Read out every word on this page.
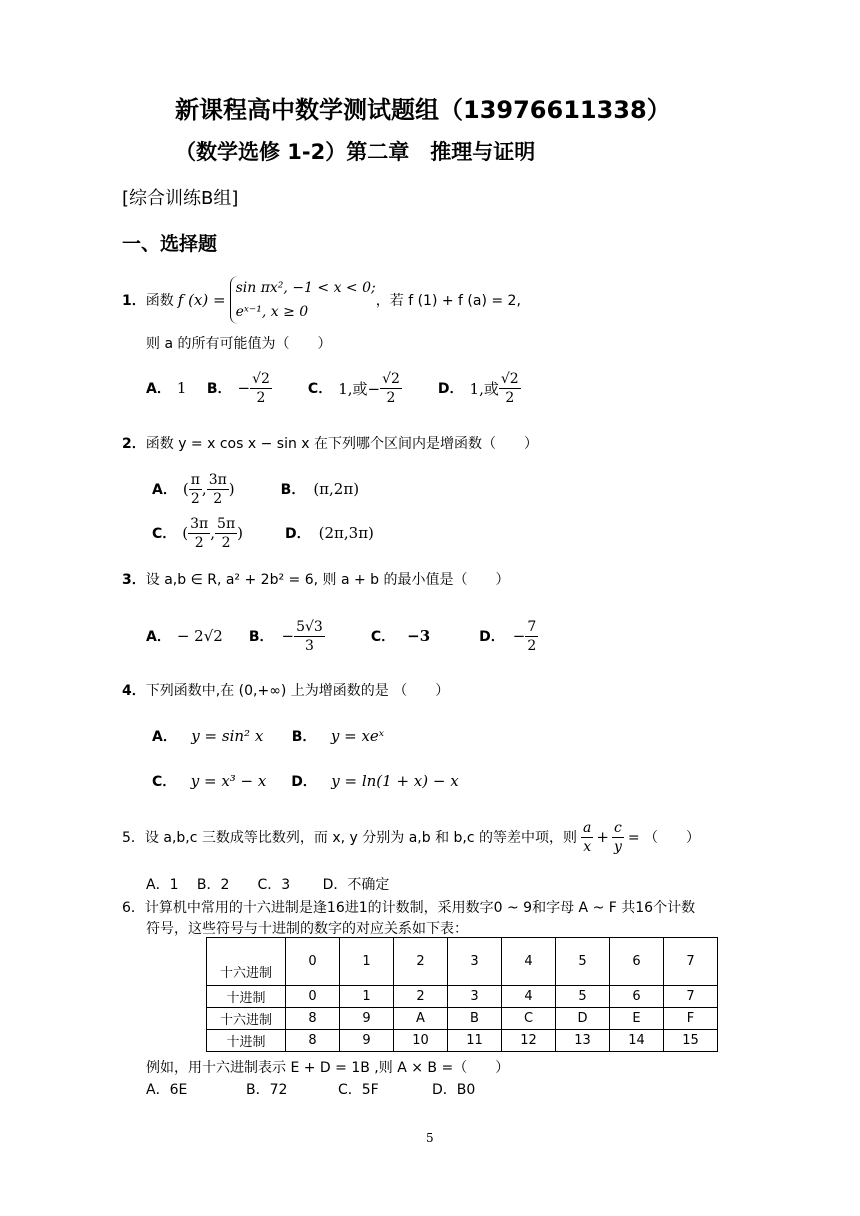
新课程高中数学测试题组（13976611338）
（数学选修 1-2）第二章　推理与证明
[综合训练B组]
一、选择题
1． 函数 f (x) =
sin πx², −1 < x < 0;
eˣ⁻¹, x ≥ 0
，若 f (1) + f (a) = 2,
则 a 的所有可能值为（　　）
A． 1	B． − $\frac{√2}{2}$	C． 1,或− $\frac{√2}{2}$	D． 1,或 $\frac{√2}{2}$
2．函数 y = x cos x − sin x 在下列哪个区间内是增函数（　　）
A． ( $\frac{\pi}{2}$ , $\frac{3\pi}{2}$ )	B． (π,2π)
C． ( $\frac{3\pi}{2}$ , $\frac{5\pi}{2}$ )	D． (2π,3π)
3．设 a,b ∈ R, a² + 2b² = 6, 则 a + b 的最小值是（　　）
A． − 2√2	B． − $\frac{5√3}{3}$	C． −3	D． − $\frac{7}{2}$
4．下列函数中,在 (0,+∞) 上为增函数的是 （　　）
A． y = sin² x B． y = xeˣ
C． y = x³ − x D． y = ln(1 + x) − x
5． 设 a,b,c 三数成等比数列，而 x, y 分别为 a,b 和 b,c 的等差中项，则 $\frac{a}{x} + \frac{c}{y}$ = （　　）
A．1　 B．2　　C．3　　 D．不确定
6．计算机中常用的十六进制是逢16进1的计数制，采用数字0 ~ 9和字母 A ~ F 共16个计数
符号，这些符号与十进制的数字的对应关系如下表：
十六进制	0	1	2	3	4	5	6	7
十进制	0	1	2	3	4	5	6	7
十六进制	8	9	A	B	C	D	E	F
十进制	8	9	10	11	12	13	14	15
例如，用十六进制表示 E + D = 1B ,则 A × B =（　　）
A．6E	B．72	C．5F	D．B0
5
